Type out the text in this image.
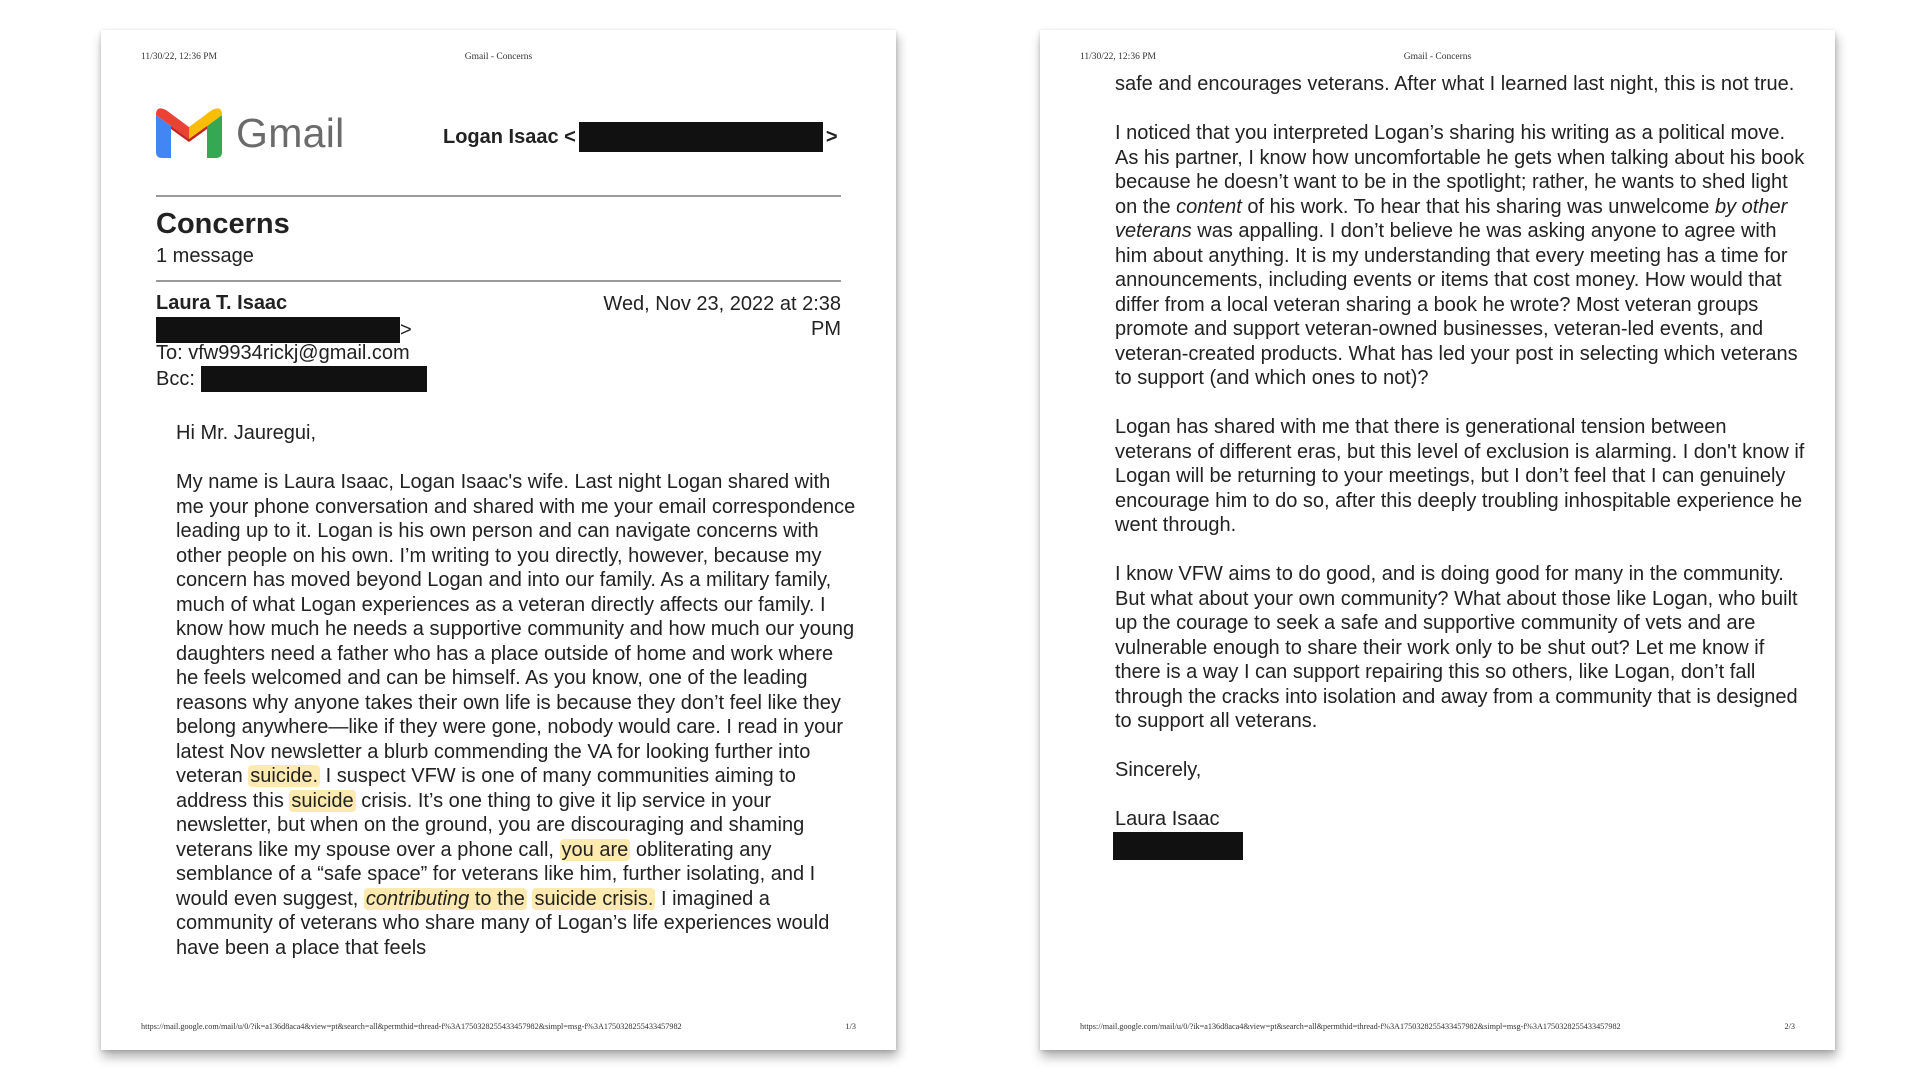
11/30/22, 12:36 PM	Gmail - Concerns
Gmail	Logan Isaac <	>
Concerns
1 message
Laura T. Isaac	Wed, Nov 23, 2022 at 2:38 PM
>
To: vfw9934rickj@gmail.com
Bcc:

Hi Mr. Jauregui,

My name is Laura Isaac, Logan Isaac's wife. Last night Logan shared with me your phone conversation and shared with me your email correspondence leading up to it. Logan is his own person and can navigate concerns with other people on his own. I’m writing to you directly, however, because my concern has moved beyond Logan and into our family. As a military family, much of what Logan experiences as a veteran directly affects our family. I know how much he needs a supportive community and how much our young daughters need a father who has a place outside of home and work where he feels welcomed and can be himself. As you know, one of the leading reasons why anyone takes their own life is because they don’t feel like they belong anywhere—like if they were gone, nobody would care. I read in your latest Nov newsletter a blurb commending the VA for looking further into veteran suicide. I suspect VFW is one of many communities aiming to address this suicide crisis. It’s one thing to give it lip service in your newsletter, but when on the ground, you are discouraging and shaming veterans like my spouse over a phone call, you are obliterating any semblance of a “safe space” for veterans like him, further isolating, and I would even suggest, contributing to the suicide crisis. I imagined a community of veterans who share many of Logan’s life experiences would have been a place that feels

https://mail.google.com/mail/u/0/?ik=a136d8aca4&view=pt&search=all&permthid=thread-f%3A1750328255433457982&simpl=msg-f%3A1750328255433457982	1/3
11/30/22, 12:36 PM	Gmail - Concerns

safe and encourages veterans. After what I learned last night, this is not true.

I noticed that you interpreted Logan’s sharing his writing as a political move. As his partner, I know how uncomfortable he gets when talking about his book because he doesn’t want to be in the spotlight; rather, he wants to shed light on the content of his work. To hear that his sharing was unwelcome by other veterans was appalling. I don’t believe he was asking anyone to agree with him about anything. It is my understanding that every meeting has a time for announcements, including events or items that cost money. How would that differ from a local veteran sharing a book he wrote? Most veteran groups promote and support veteran-owned businesses, veteran-led events, and veteran-created products. What has led your post in selecting which veterans to support (and which ones to not)?

Logan has shared with me that there is generational tension between veterans of different eras, but this level of exclusion is alarming. I don't know if Logan will be returning to your meetings, but I don’t feel that I can genuinely encourage him to do so, after this deeply troubling inhospitable experience he went through.

I know VFW aims to do good, and is doing good for many in the community. But what about your own community? What about those like Logan, who built up the courage to seek a safe and supportive community of vets and are vulnerable enough to share their work only to be shut out? Let me know if there is a way I can support repairing this so others, like Logan, don’t fall through the cracks into isolation and away from a community that is designed to support all veterans.

Sincerely,

Laura Isaac
https://mail.google.com/mail/u/0/?ik=a136d8aca4&view=pt&search=all&permthid=thread-f%3A1750328255433457982&simpl=msg-f%3A1750328255433457982	2/3
